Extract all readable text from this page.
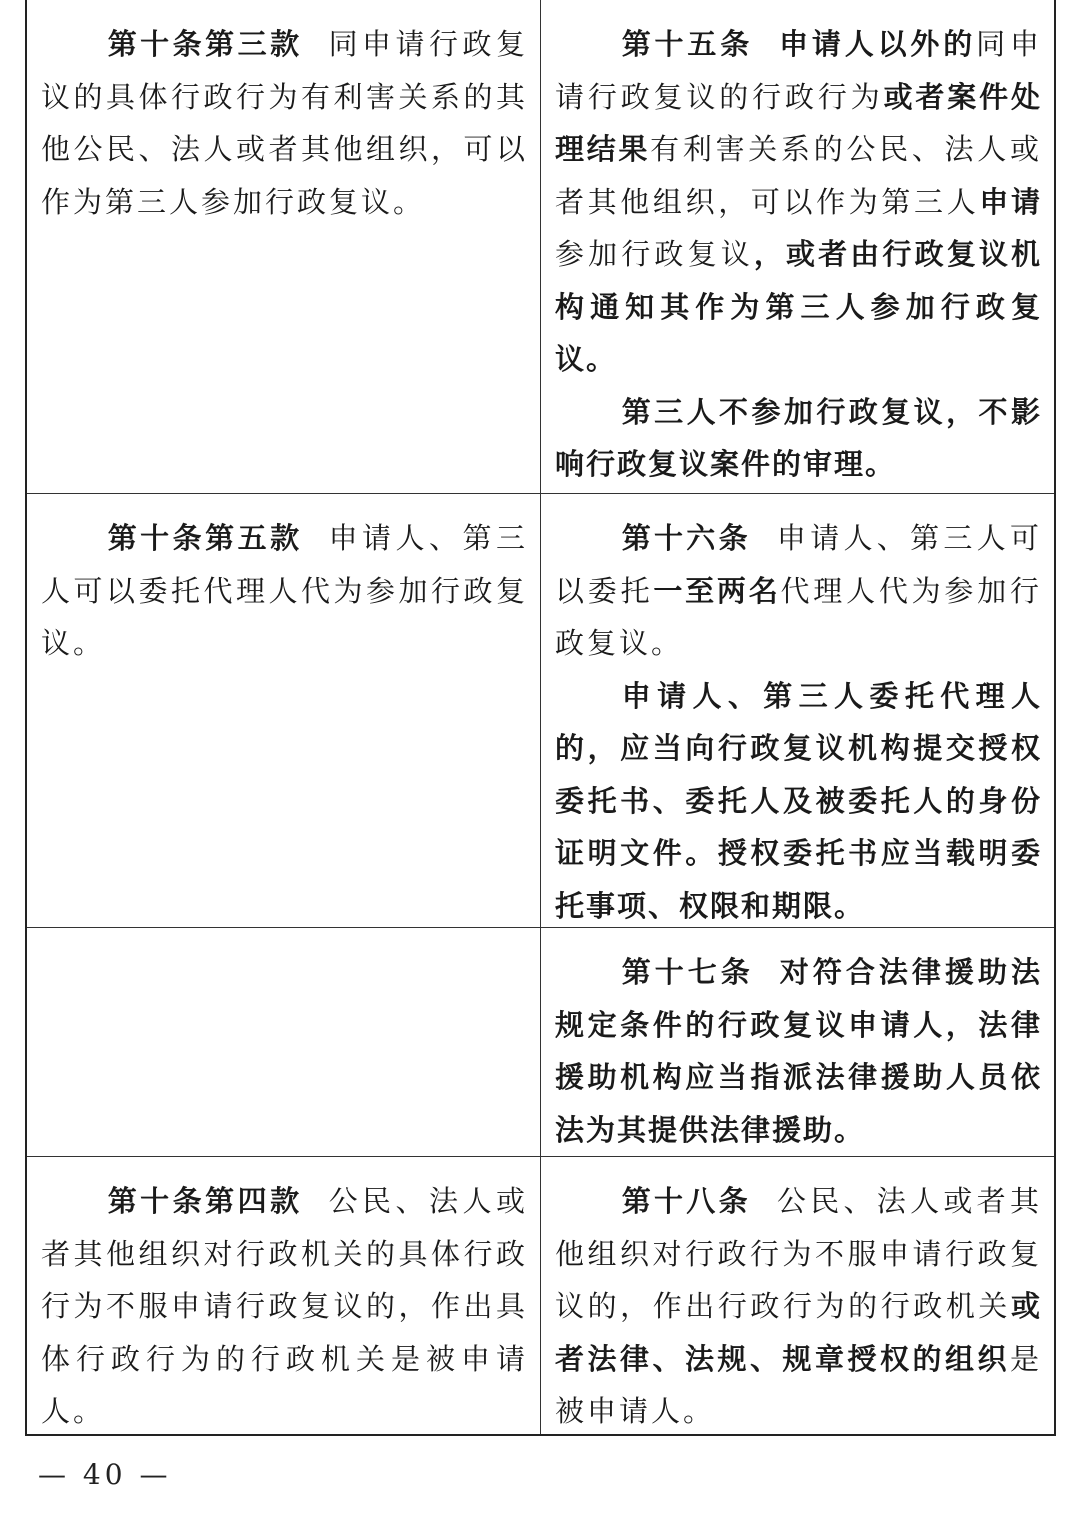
第十条第三款 同申请行政复议的具体行政行为有利害关系的其他公民、法人或者其他组织，可以作为第三人参加行政复议。

第十五条 申请人以外的同申请行政复议的行政行为或者案件处理结果有利害关系的公民、法人或者其他组织，可以作为第三人申请参加行政复议，或者由行政复议机构通知其作为第三人参加行政复议。

第三人不参加行政复议，不影响行政复议案件的审理。

第十条第五款 申请人、第三人可以委托代理人代为参加行政复议。

第十六条 申请人、第三人可以委托一至两名代理人代为参加行政复议。

申请人、第三人委托代理人的，应当向行政复议机构提交授权委托书、委托人及被委托人的身份证明文件。授权委托书应当载明委托事项、权限和期限。

第十七条 对符合法律援助法规定条件的行政复议申请人，法律援助机构应当指派法律援助人员依法为其提供法律援助。

第十条第四款 公民、法人或者其他组织对行政机关的具体行政行为不服申请行政复议的，作出具体行政行为的行政机关是被申请人。

第十八条 公民、法人或者其他组织对行政行为不服申请行政复议的，作出行政行为的行政机关或者法律、法规、规章授权的组织是被申请人。

— 40 —
